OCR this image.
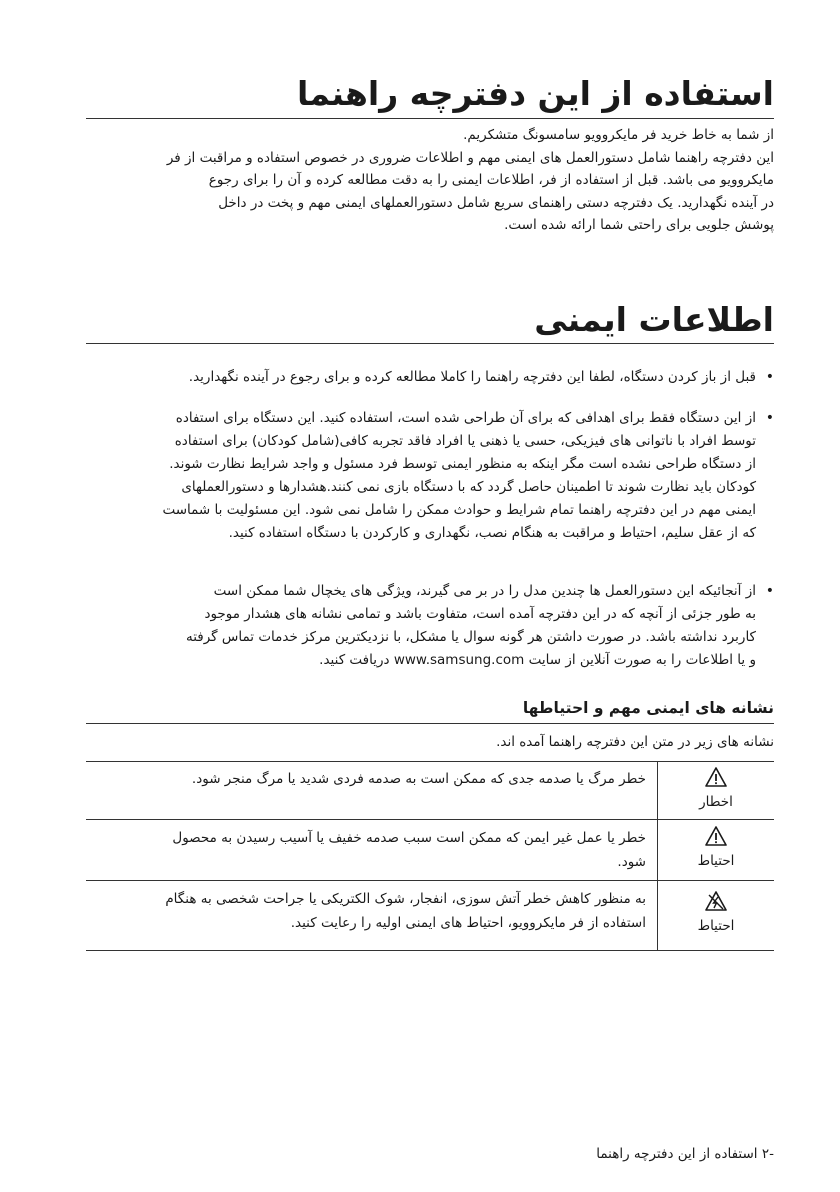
استفاده از این دفترچه راهنما

از شما به خاط خرید فر مایکروویو سامسونگ متشکریم.

این دفترچه راهنما شامل دستورالعمل های ایمنی مهم و اطلاعات ضروری در خصوص استفاده و مراقبت از فر

مایکروویو می باشد. قبل از استفاده از فر، اطلاعات ایمنی را به دقت مطالعه کرده و آن را برای رجوع

در آینده نگهدارید. یک دفترچه دستی راهنمای سریع شامل دستورالعملهای ایمنی مهم و پخت در داخل

پوشش جلویی برای راحتی شما ارائه شده است.

اطلاعات ایمنی
•
قبل از باز کردن دستگاه، لطفا این دفترچه راهنما را کاملا مطالعه کرده و برای رجوع در آینده نگهدارید.
•
از این دستگاه فقط برای اهدافی که برای آن طراحی شده است، استفاده کنید. این دستگاه برای استفاده
توسط افراد با ناتوانی های فیزیکی، حسی یا ذهنی یا افراد فاقد تجربه کافی(شامل کودکان) برای استفاده
از دستگاه طراحی نشده است مگر اینکه به منظور ایمنی توسط فرد مسئول و واجد شرایط نظارت شوند.
کودکان باید نظارت شوند تا اطمینان حاصل گردد که با دستگاه بازی نمی کنند.هشدارها و دستورالعملهای
ایمنی مهم در این دفترچه راهنما تمام شرایط و حوادث ممکن را شامل نمی شود. این مسئولیت با شماست
که از عقل سلیم، احتیاط و مراقبت به هنگام نصب، نگهداری و کارکردن با دستگاه استفاده کنید.
•
از آنجائیکه این دستورالعمل ها چندین مدل را در بر می گیرند، ویژگی های یخچال شما ممکن است
به طور جزئی از آنچه که در این دفترچه آمده است، متفاوت باشد و تمامی نشانه های هشدار موجود
کاربرد نداشته باشد. در صورت داشتن هر گونه سوال یا مشکل، با نزدیکترین مرکز خدمات تماس گرفته
و یا اطلاعات را به صورت آنلاین از سایت www.samsung.com دریافت کنید.
نشانه های ایمنی مهم و احتیاطها
نشانه های زیر در متن این دفترچه راهنما آمده اند.
اخطار
خطر مرگ یا صدمه جدی که ممکن است به صدمه فردی شدید یا مرگ منجر شود.
احتیاط
خطر یا عمل غیر ایمن که ممکن است سبب صدمه خفیف یا آسیب رسیدن به محصول
شود.
احتیاط
به منظور کاهش خطر آتش سوزی، انفجار، شوک الکتریکی یا جراحت شخصی به هنگام
استفاده از فر مایکروویو، احتیاط های ایمنی اولیه را رعایت کنید.
-٢ استفاده از این دفترچه راهنما
